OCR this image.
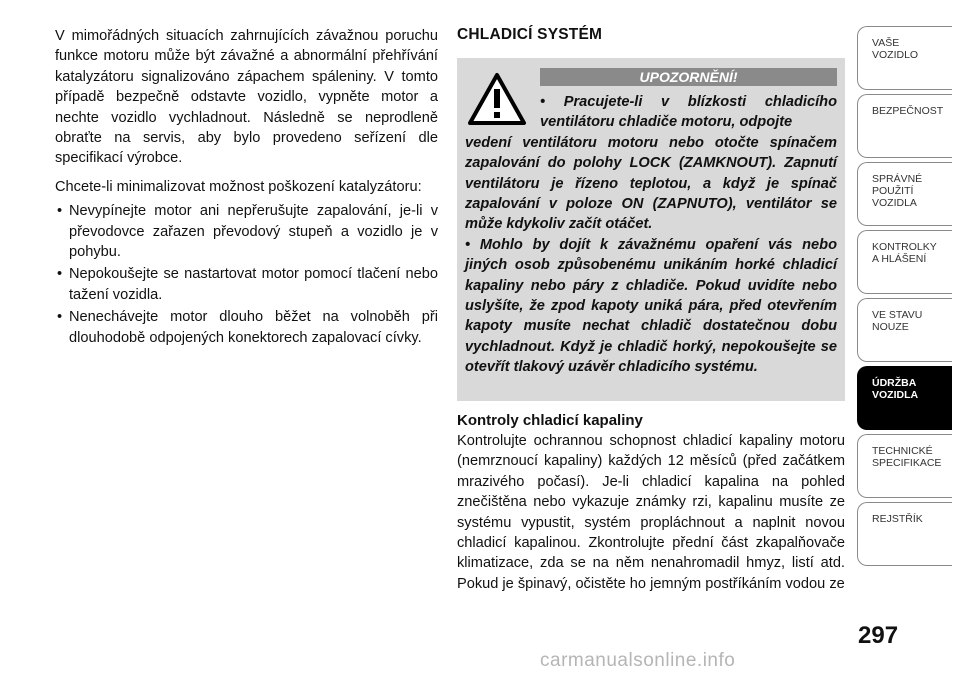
V mimořádných situacích zahrnujících závažnou poruchu funkce motoru může být závažné a abnormální přehřívání katalyzátoru signalizováno zápachem spáleniny. V tomto případě bezpečně odstavte vozidlo, vypněte motor a nechte vozidlo vychladnout. Následně se neprodleně obraťte na servis, aby bylo provedeno seřízení dle specifikací výrobce.

Chcete-li minimalizovat možnost poškození katalyzátoru:

• Nevypínejte motor ani nepřerušujte zapalování, je-li v převodovce zařazen převodový stupeň a vozidlo je v pohybu.
• Nepokoušejte se nastartovat motor pomocí tlačení nebo tažení vozidla.
• Nenechávejte motor dlouho běžet na volnoběh při dlouhodobě odpojených konektorech zapalovací cívky.
CHLADICÍ SYSTÉM
UPOZORNĚNÍ!
• Pracujete-li v blízkosti chladicího ventilátoru chladiče motoru, odpojte
vedení ventilátoru motoru nebo otočte spínačem zapalování do polohy LOCK (ZAMKNOUT). Zapnutí ventilátoru je řízeno teplotou, a když je spínač zapalování v poloze ON (ZAPNUTO), ventilátor se může kdykoliv začít otáčet.
• Mohlo by dojít k závažnému opaření vás nebo jiných osob způsobenému unikáním horké chladicí kapaliny nebo páry z chladiče. Pokud uvidíte nebo uslyšíte, že zpod kapoty uniká pára, před otevřením kapoty musíte nechat chladič dostatečnou dobu vychladnout. Když je chladič horký, nepokoušejte se otevřít tlakový uzávěr chladicího systému.
Kontroly chladicí kapaliny

Kontrolujte ochrannou schopnost chladicí kapaliny motoru (nemrznoucí kapaliny) každých 12 měsíců (před začátkem mrazivého počasí). Je-li chladicí kapalina na pohled znečištěna nebo vykazuje známky rzi, kapalinu musíte ze systému vypustit, systém propláchnout a naplnit novou chladicí kapalinou. Zkontrolujte přední část zkapalňovače klimatizace, zda se na něm nenahromadil hmyz, listí atd. Pokud je špinavý, očistěte ho jemným postříkáním vodou ze

VAŠE
VOZIDLO
BEZPEČNOST
SPRÁVNÉ
POUŽITÍ
VOZIDLA
KONTROLKY
A HLÁŠENÍ
VE STAVU
NOUZE
ÚDRŽBA
VOZIDLA
TECHNICKÉ
SPECIFIKACE
REJSTŘÍK
297
carmanualsonline.info
